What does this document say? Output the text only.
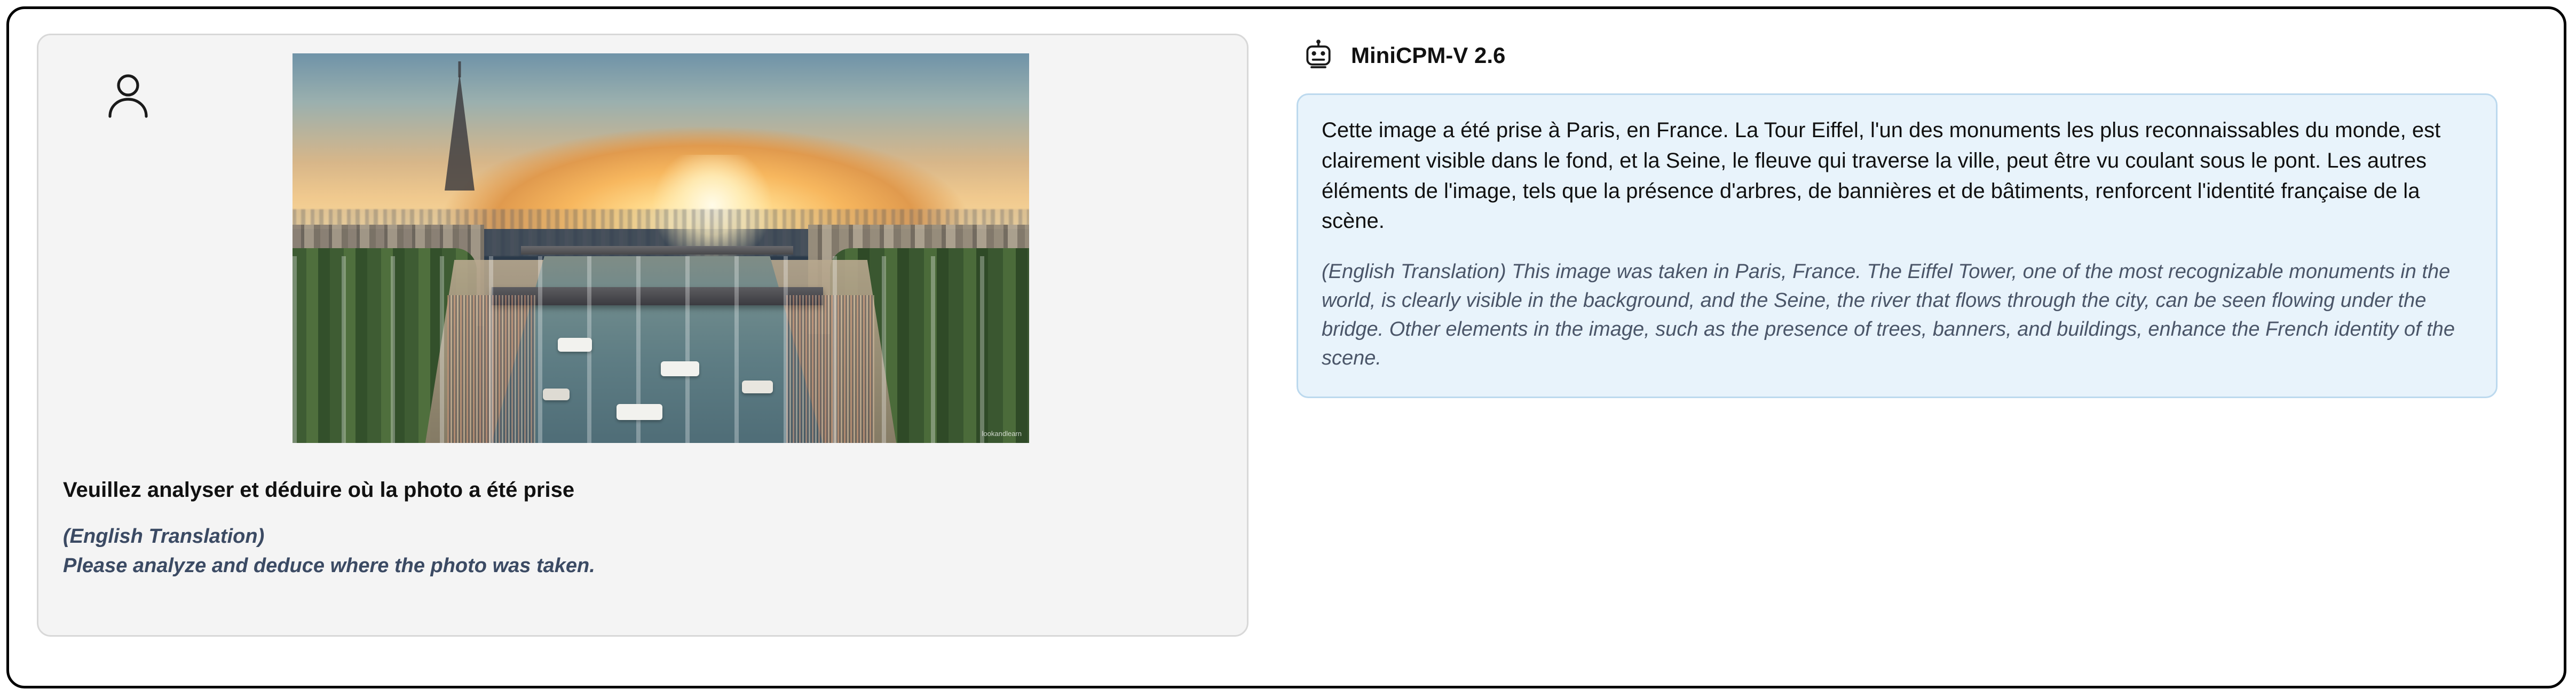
lookandlearn
Veuillez analyser et déduire où la photo a été prise
(English Translation)
Please analyze and deduce where the photo was taken.
MiniCPM-V 2.6
Cette image a été prise à Paris, en France. La Tour Eiffel, l'un des monuments les plus reconnaissables du monde, est clairement visible dans le fond, et la Seine, le fleuve qui traverse la ville, peut être vu coulant sous le pont. Les autres éléments de l'image, tels que la présence d'arbres, de bannières et de bâtiments, renforcent l'identité française de la scène.
(English Translation) This image was taken in Paris, France. The Eiffel Tower, one of the most recognizable monuments in the world, is clearly visible in the background, and the Seine, the river that flows through the city, can be seen flowing under the bridge. Other elements in the image, such as the presence of trees, banners, and buildings, enhance the French identity of the scene.
